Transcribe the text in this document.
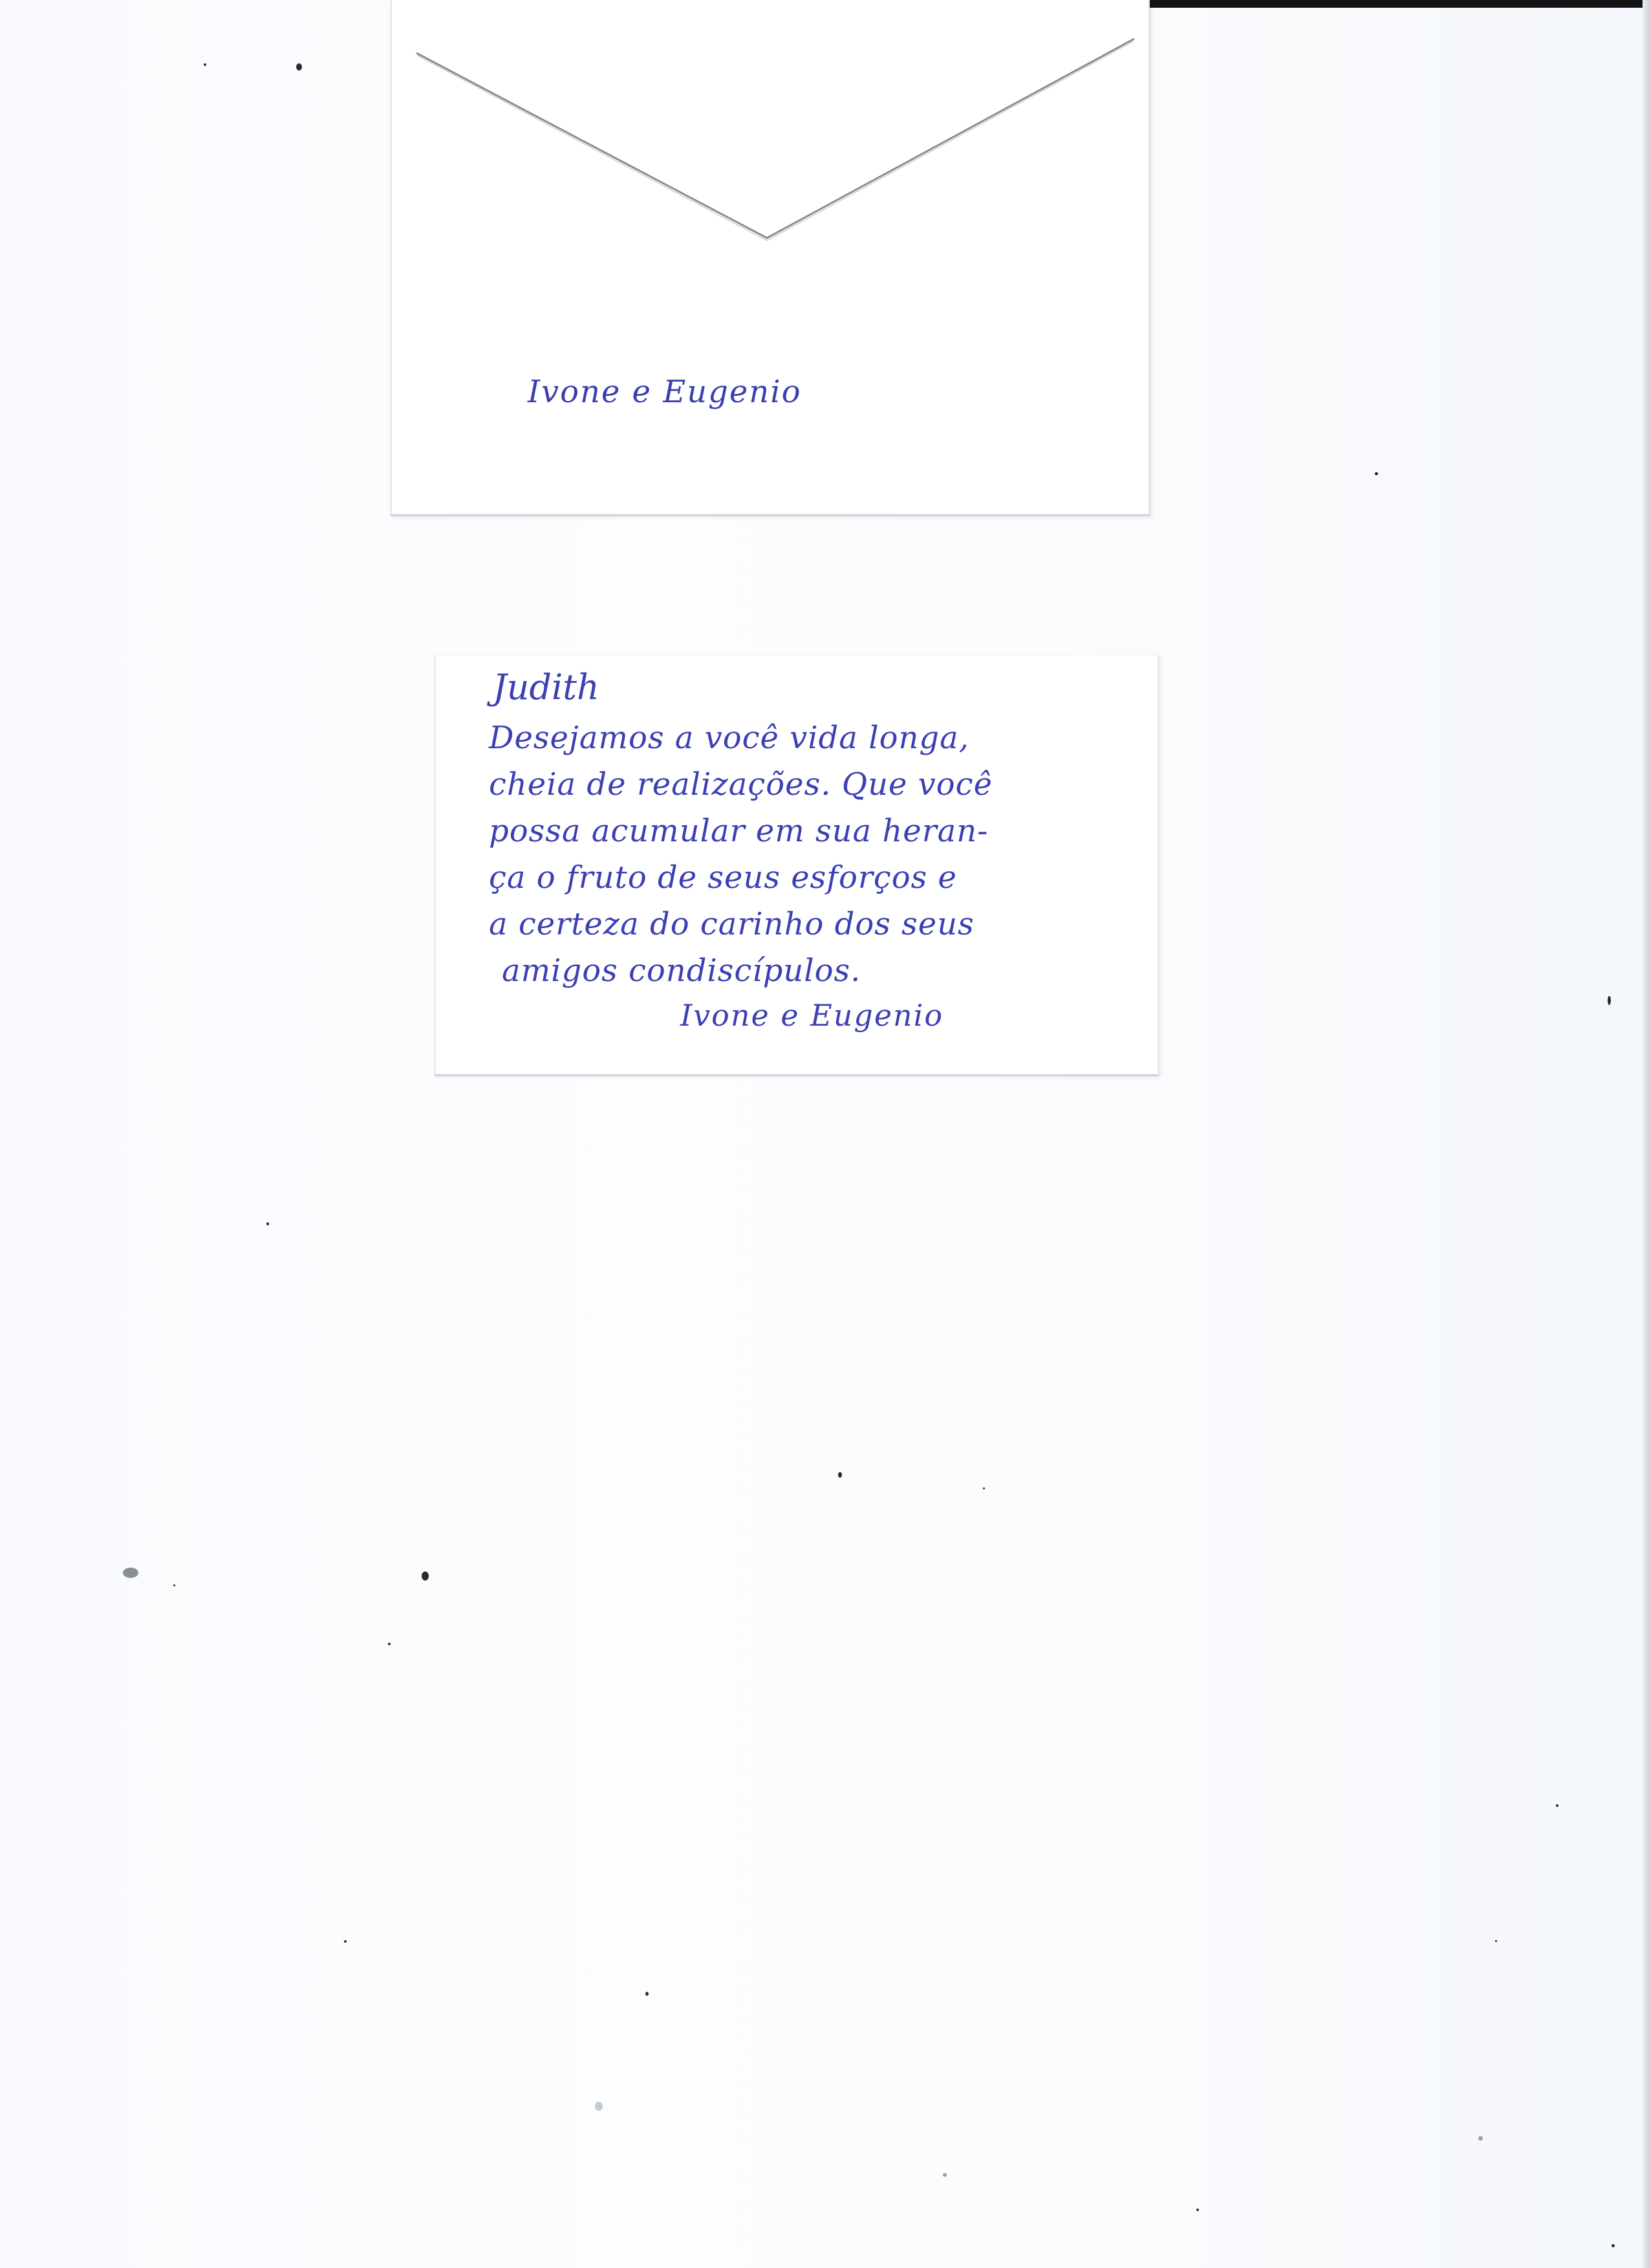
Ivone e Eugenio
Judith
Desejamos a você vida longa,
cheia de realizações. Que você
possa acumular em sua heran-
ça o fruto de seus esforços e
a certeza do carinho dos seus
amigos condiscípulos.
Ivone e Eugenio
